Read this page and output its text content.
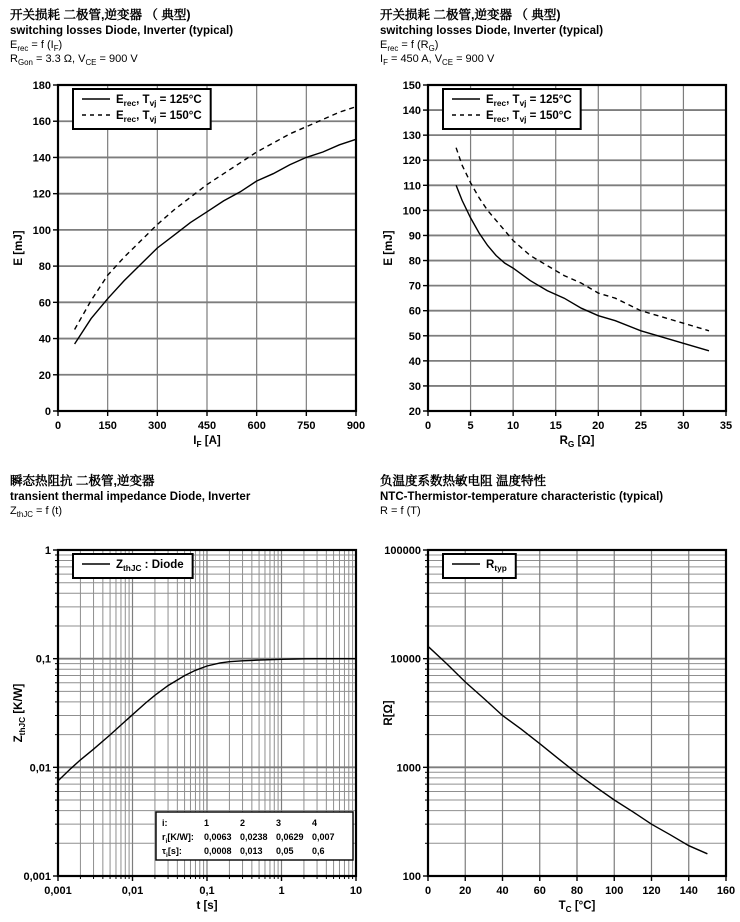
开关损耗 二极管,逆变器 （ 典型)
switching losses Diode, Inverter (typical)
$E_{rec} = f$ $(I_F)$
$R_{Gon} = 3.3$ Ω, $V_{CE} = 900$ V
0	150	300	450	600	750	900
0
20
40
60
80
100
120
140
160
180
$I_F$ [A]
E [mJ]
$E_{rec}$, $T_{vj} = 125^\circ C$
$E_{rec}$, $T_{vj} = 150^\circ C$
开关损耗 二极管,逆变器 （ 典型)
switching losses Diode, Inverter (typical)
$E_{rec} = f$ $(R_G)$
$I_F = 450$ A, $V_{CE} = 900$ V
0	5	10	15	20	25	30	35
20
30
40
50
60
70
80
90
100
110
120
130
140
150
$R_G$ [Ω]
E [mJ]
$E_{rec}$, $T_{vj} = 125^\circ C$
$E_{rec}$, $T_{vj} = 150^\circ C$
瞬态热阻抗 二极管,逆变器
transient thermal impedance Diode, Inverter
$Z_{thJC} = f$ (t)
0,001	0,01	0,1	1	10
0,001
0,01
0,1
1
t [s]
$Z_{thJC}$ [K/W]
$Z_{thJC}$ : Diode
i:	1	2	3	4
$r_i[K/W]$: 0,0063 0,0238 0,0629 0,007
$\tau_i[s]$: 0,0008 0,013 0,05 0,6
负温度系数热敏电阻 温度特性
NTC-Thermistor-temperature characteristic (typical)
R = f (T)
0	20 40 60 80 100 120 140 160
100
1000
10000
100000
$T_C$ [°C]
R[Ω]
$R_{typ}$
